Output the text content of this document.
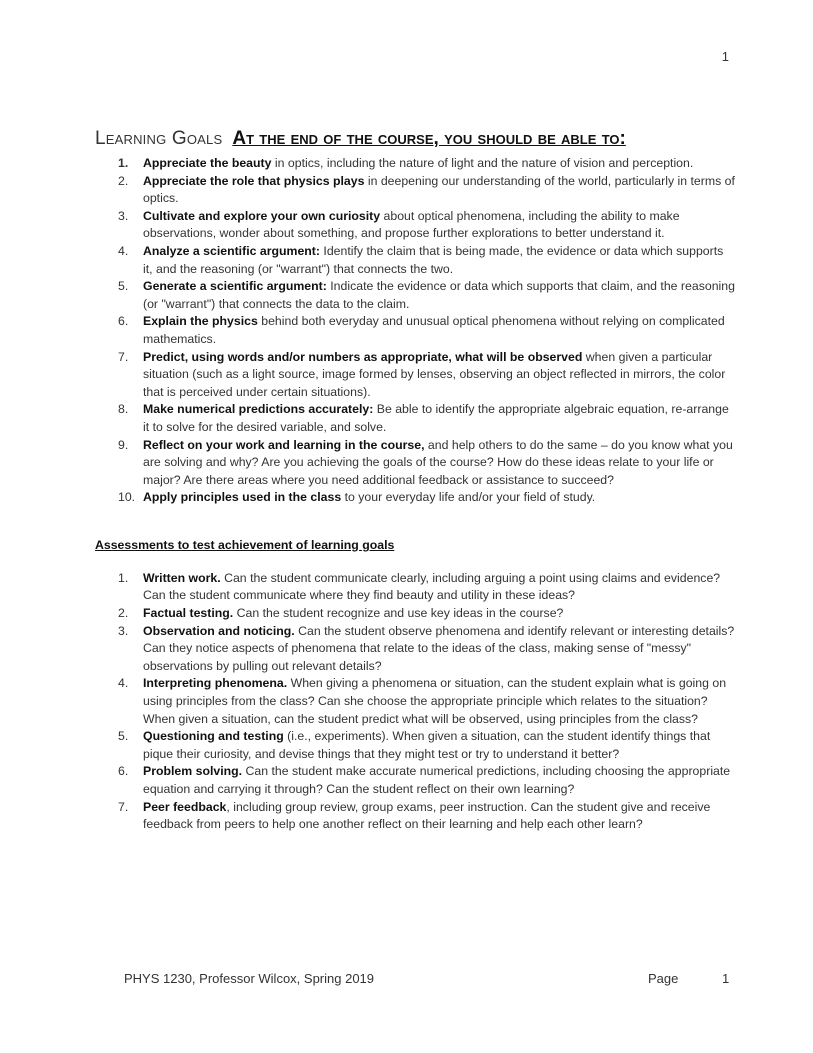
1
Learning Goals At the end of the course, you should be able to:
1. Appreciate the beauty in optics, including the nature of light and the nature of vision and perception.
2. Appreciate the role that physics plays in deepening our understanding of the world, particularly in terms of optics.
3. Cultivate and explore your own curiosity about optical phenomena, including the ability to make observations, wonder about something, and propose further explorations to better understand it.
4. Analyze a scientific argument: Identify the claim that is being made, the evidence or data which supports it, and the reasoning (or "warrant") that connects the two.
5. Generate a scientific argument: Indicate the evidence or data which supports that claim, and the reasoning (or "warrant") that connects the data to the claim.
6. Explain the physics behind both everyday and unusual optical phenomena without relying on complicated mathematics.
7. Predict, using words and/or numbers as appropriate, what will be observed when given a particular situation (such as a light source, image formed by lenses, observing an object reflected in mirrors, the color that is perceived under certain situations).
8. Make numerical predictions accurately: Be able to identify the appropriate algebraic equation, re-arrange it to solve for the desired variable, and solve.
9. Reflect on your work and learning in the course, and help others to do the same – do you know what you are solving and why? Are you achieving the goals of the course? How do these ideas relate to your life or major? Are there areas where you need additional feedback or assistance to succeed?
10. Apply principles used in the class to your everyday life and/or your field of study.
Assessments to test achievement of learning goals
1. Written work. Can the student communicate clearly, including arguing a point using claims and evidence? Can the student communicate where they find beauty and utility in these ideas?
2. Factual testing. Can the student recognize and use key ideas in the course?
3. Observation and noticing. Can the student observe phenomena and identify relevant or interesting details? Can they notice aspects of phenomena that relate to the ideas of the class, making sense of "messy" observations by pulling out relevant details?
4. Interpreting phenomena. When giving a phenomena or situation, can the student explain what is going on using principles from the class? Can she choose the appropriate principle which relates to the situation? When given a situation, can the student predict what will be observed, using principles from the class?
5. Questioning and testing (i.e., experiments). When given a situation, can the student identify things that pique their curiosity, and devise things that they might test or try to understand it better?
6. Problem solving. Can the student make accurate numerical predictions, including choosing the appropriate equation and carrying it through? Can the student reflect on their own learning?
7. Peer feedback, including group review, group exams, peer instruction. Can the student give and receive feedback from peers to help one another reflect on their learning and help each other learn?
PHYS 1230, Professor Wilcox, Spring 2019	Page	1
